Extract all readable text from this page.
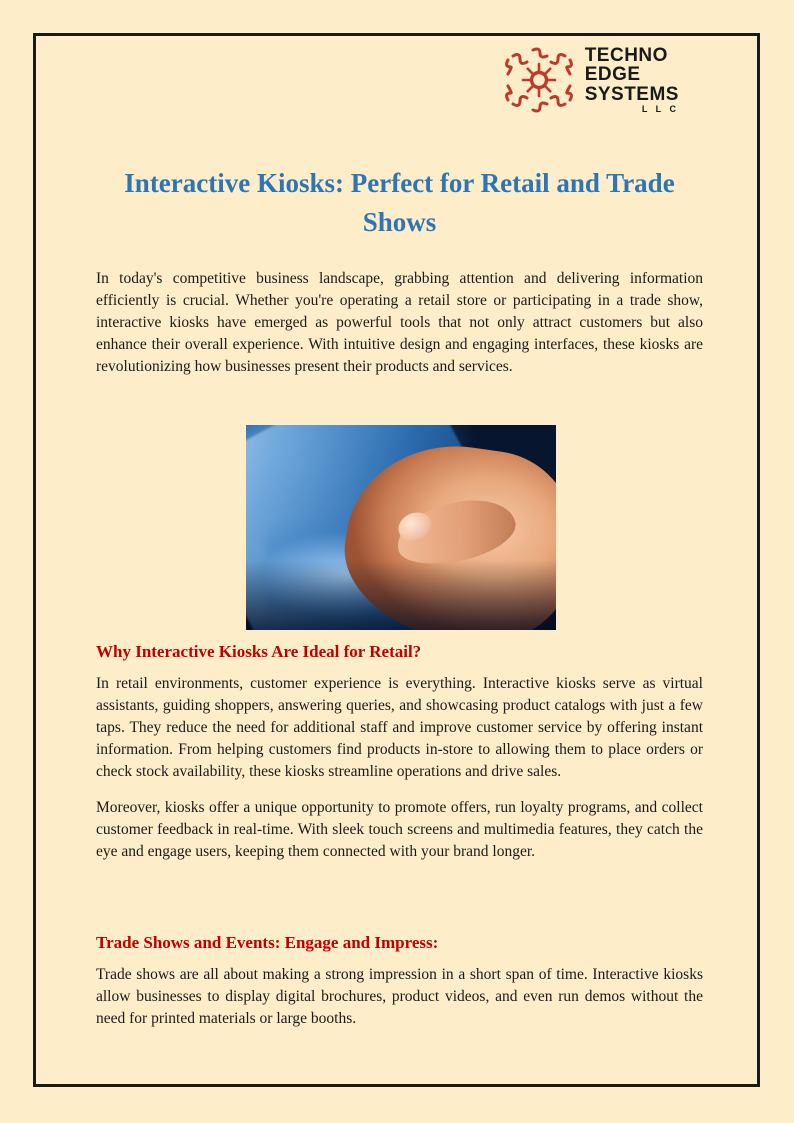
TECHNO
EDGE
SYSTEMS
L L C
Interactive Kiosks: Perfect for Retail and Trade Shows

In today's competitive business landscape, grabbing attention and delivering information efficiently is crucial. Whether you're operating a retail store or participating in a trade show, interactive kiosks have emerged as powerful tools that not only attract customers but also enhance their overall experience. With intuitive design and engaging interfaces, these kiosks are revolutionizing how businesses present their products and services.

Why Interactive Kiosks Are Ideal for Retail?

In retail environments, customer experience is everything. Interactive kiosks serve as virtual assistants, guiding shoppers, answering queries, and showcasing product catalogs with just a few taps. They reduce the need for additional staff and improve customer service by offering instant information. From helping customers find products in-store to allowing them to place orders or check stock availability, these kiosks streamline operations and drive sales.

Moreover, kiosks offer a unique opportunity to promote offers, run loyalty programs, and collect customer feedback in real-time. With sleek touch screens and multimedia features, they catch the eye and engage users, keeping them connected with your brand longer.

Trade Shows and Events: Engage and Impress:

Trade shows are all about making a strong impression in a short span of time. Interactive kiosks allow businesses to display digital brochures, product videos, and even run demos without the need for printed materials or large booths.
